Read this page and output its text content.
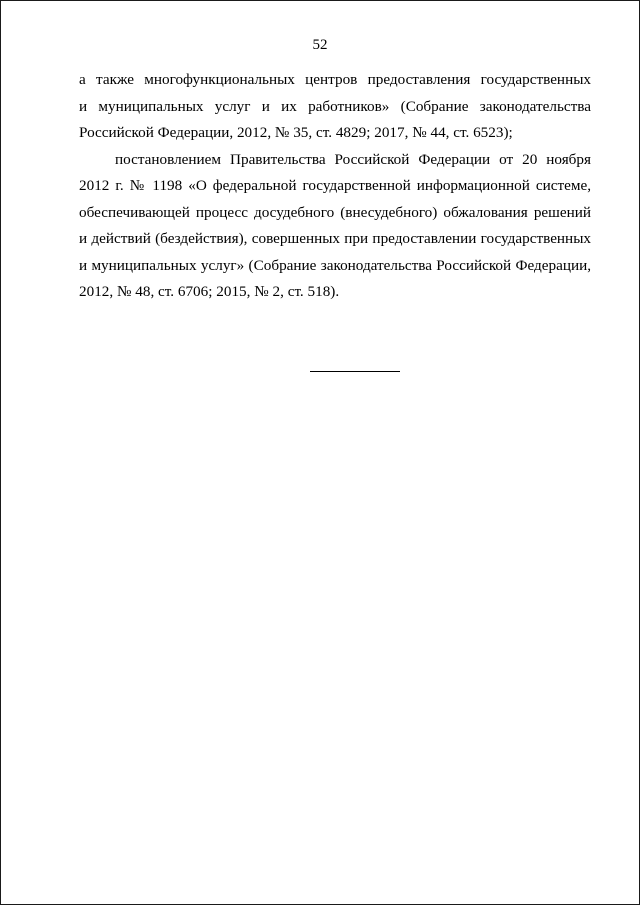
52

а также многофункциональных центров предоставления государственных
и муниципальных услуг и их работников» (Собрание законодательства
Российской Федерации, 2012, № 35, ст. 4829; 2017, № 44, ст. 6523);

постановлением Правительства Российской Федерации от 20 ноября
2012 г. № 1198 «О федеральной государственной информационной системе,
обеспечивающей процесс досудебного (внесудебного) обжалования решений
и действий (бездействия), совершенных при предоставлении государственных
и муниципальных услуг» (Собрание законодательства Российской Федерации,
2012, № 48, ст. 6706; 2015, № 2, ст. 518).
